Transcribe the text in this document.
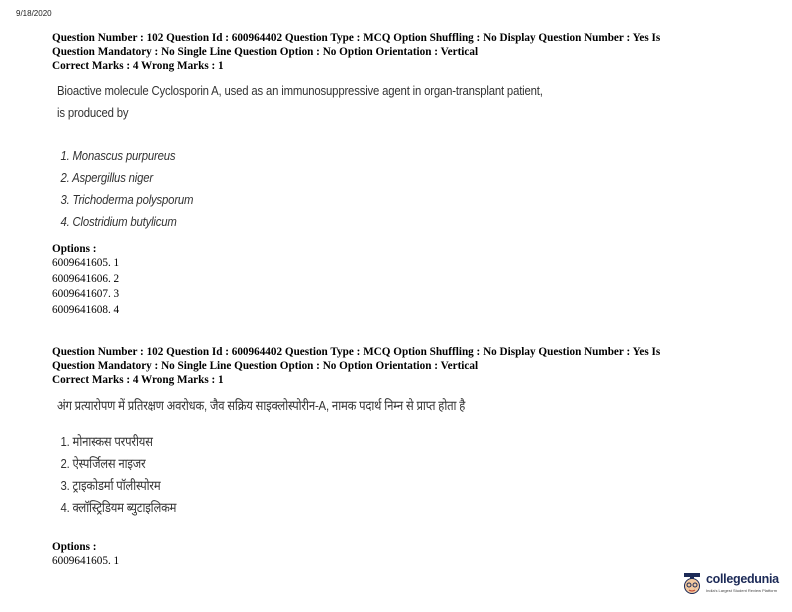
9/18/2020

Question Number : 102 Question Id : 600964402 Question Type : MCQ Option Shuffling : No Display Question Number : Yes Is

Question Mandatory : No Single Line Question Option : No Option Orientation : Vertical

Correct Marks : 4 Wrong Marks : 1

Bioactive molecule Cyclosporin A, used as an immunosuppressive agent in organ-transplant patient,
is produced by
1. Monascus purpureus
2. Aspergillus niger
3. Trichoderma polysporum
4. Clostridium butylicum
Options :
6009641605. 1
6009641606. 2
6009641607. 3
6009641608. 4

Question Number : 102 Question Id : 600964402 Question Type : MCQ Option Shuffling : No Display Question Number : Yes Is

Question Mandatory : No Single Line Question Option : No Option Orientation : Vertical

Correct Marks : 4 Wrong Marks : 1

अंग प्रत्यारोपण में प्रतिरक्षण अवरोधक, जैव सक्रिय साइक्लोस्पोरीन-A, नामक पदार्थ निम्न से प्राप्त होता है
1. मोनास्कस परपरीयस
2. ऐस्पर्जिलस नाइजर
3. ट्राइकोडर्मा पॉलीस्पोरम
4. क्लॉस्ट्रिडियम ब्युटाइलिकम
Options :
6009641605. 1
collegedunia
India's Largest Student Review Platform
